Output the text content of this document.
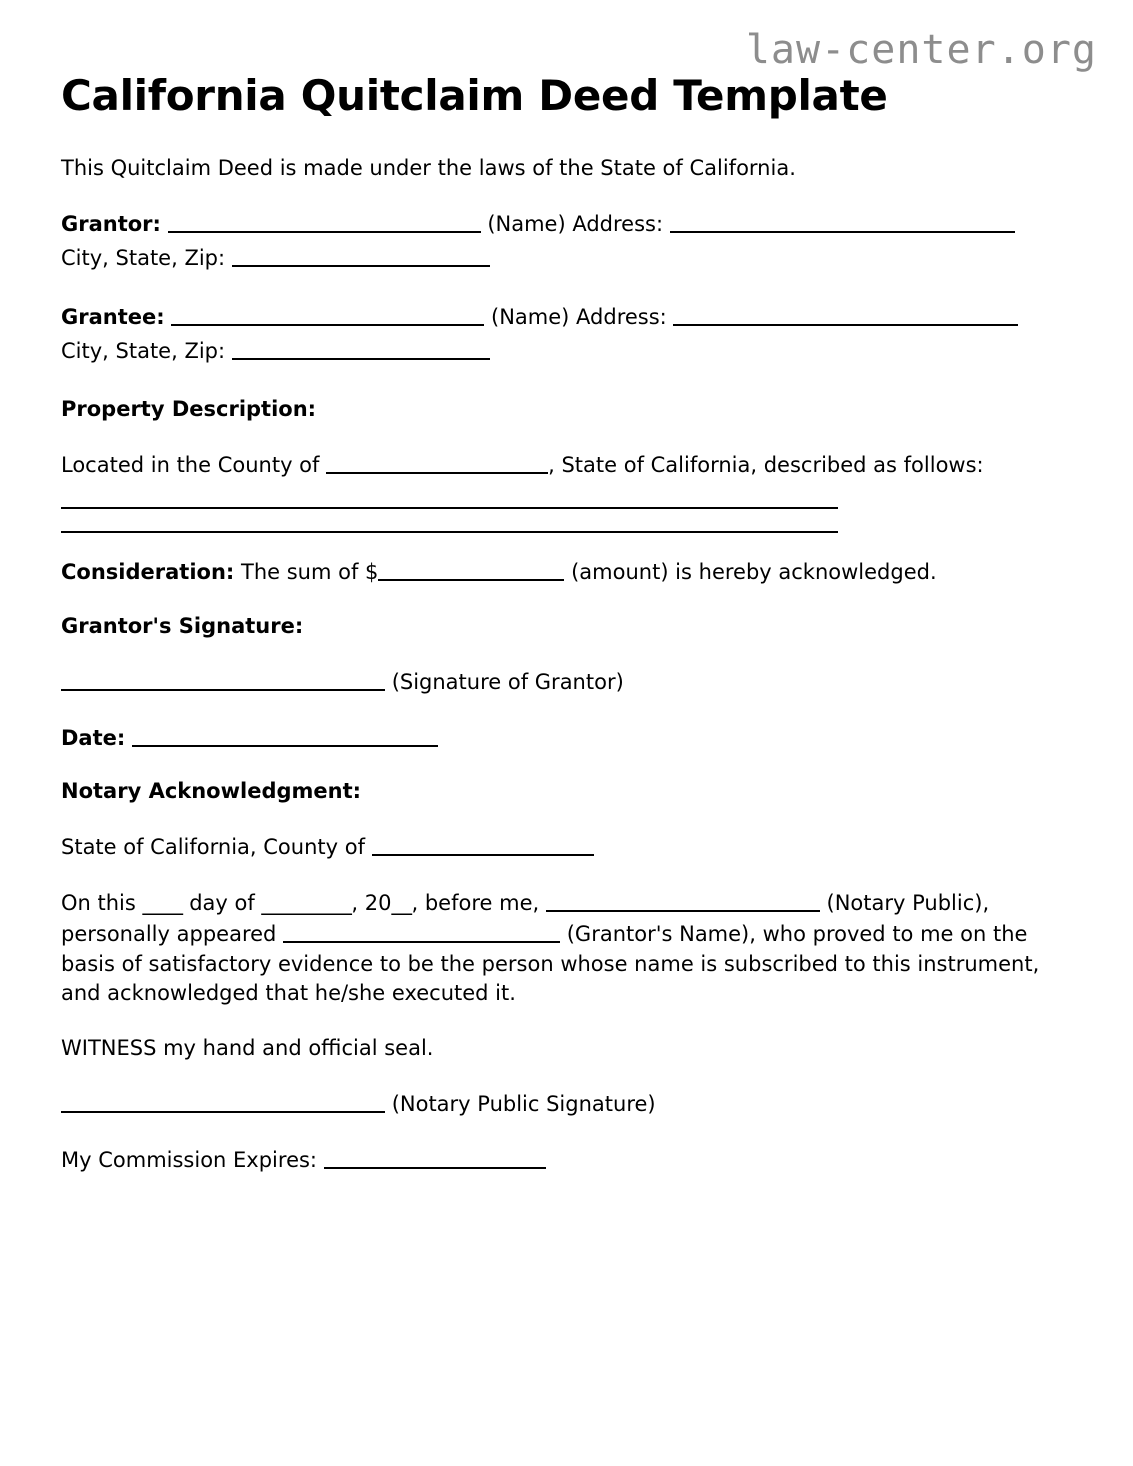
law-center.org
California Quitclaim Deed Template

This Quitclaim Deed is made under the laws of the State of California.

Grantor:	(Name) Address:

City, State, Zip:

Grantee:	(Name) Address:

City, State, Zip:

Property Description:

Located in the County of	, State of California, described as follows:

Consideration: The sum of $	(amount) is hereby acknowledged.

Grantor's Signature:

(Signature of Grantor)

Date:

Notary Acknowledgment:

State of California, County of

On this ____ day of _________, 20__, before me,	(Notary Public), personally appeared	(Grantor's Name), who proved to me on the basis of satisfactory evidence to be the person whose name is subscribed to this instrument, and acknowledged that he/she executed it.

WITNESS my hand and official seal.

(Notary Public Signature)

My Commission Expires:
